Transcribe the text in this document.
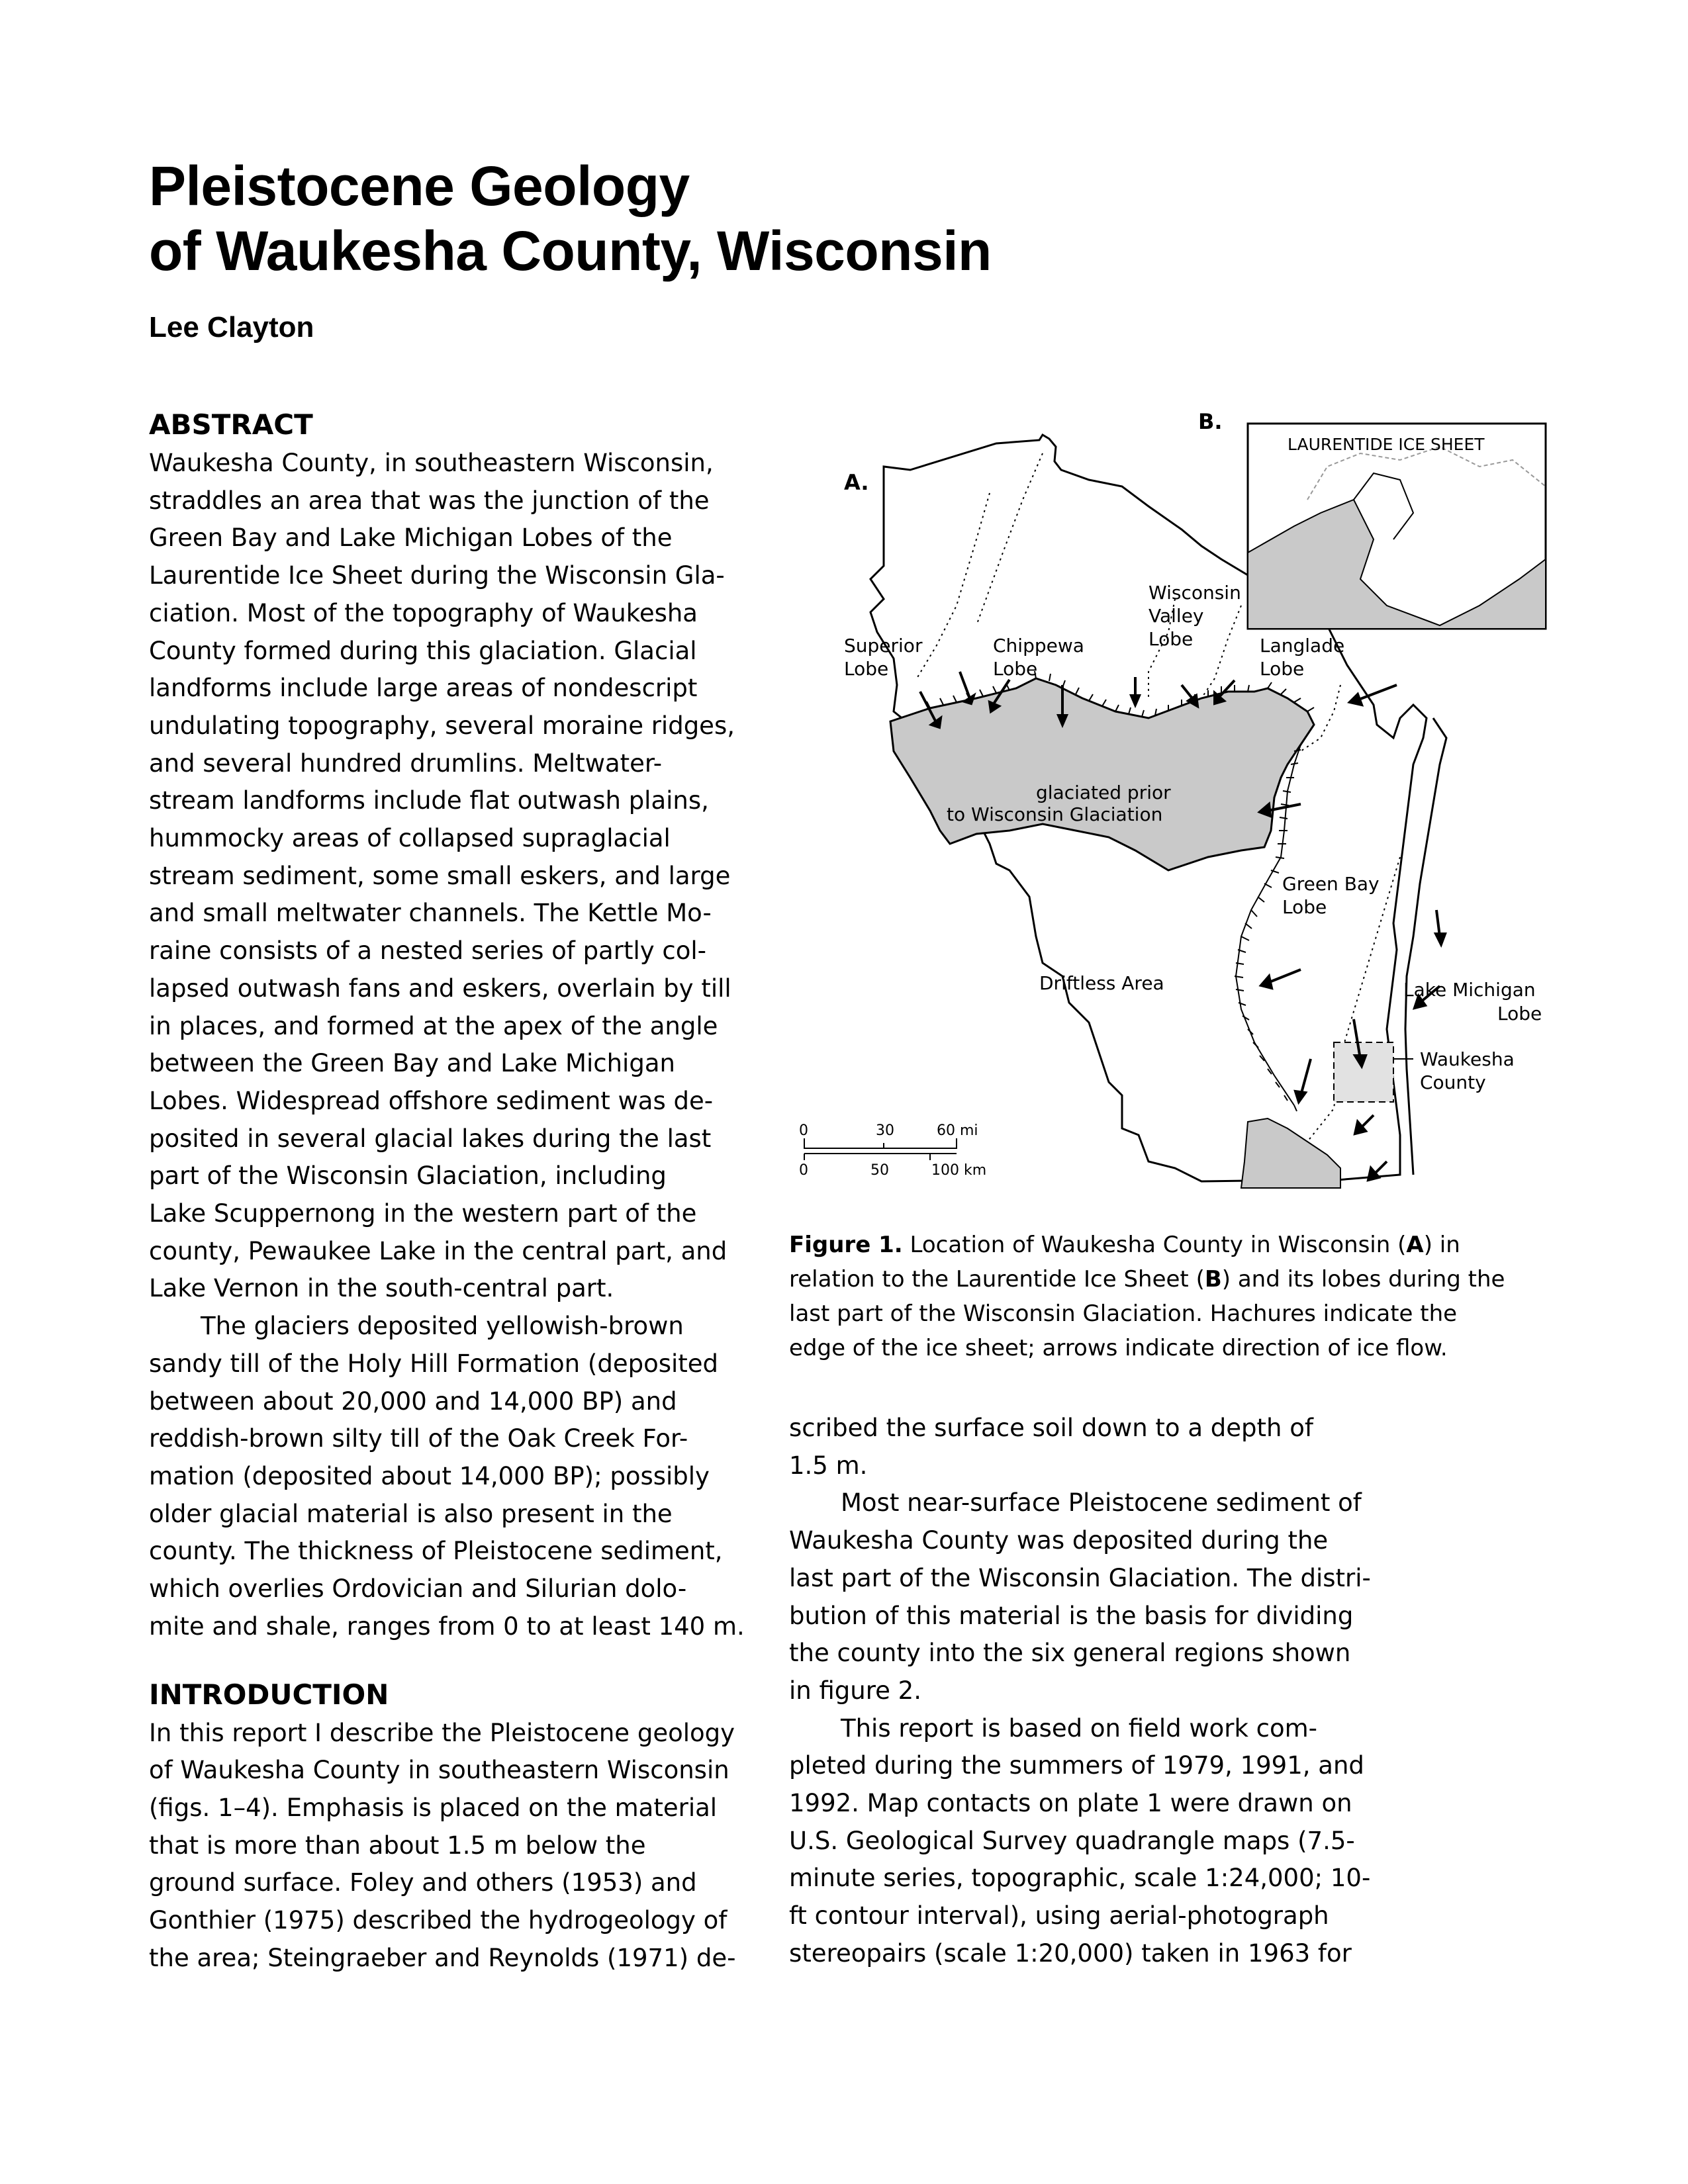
Pleistocene Geology
of Waukesha County, Wisconsin
Lee Clayton
ABSTRACT
Waukesha County, in southeastern Wisconsin,
straddles an area that was the junction of the
Green Bay and Lake Michigan Lobes of the
Laurentide Ice Sheet during the Wisconsin Gla-
ciation. Most of the topography of Waukesha
County formed during this glaciation. Glacial
landforms include large areas of nondescript
undulating topography, several moraine ridges,
and several hundred drumlins. Meltwater-
stream landforms include flat outwash plains,
hummocky areas of collapsed supraglacial
stream sediment, some small eskers, and large
and small meltwater channels. The Kettle Mo-
raine consists of a nested series of partly col-
lapsed outwash fans and eskers, overlain by till
in places, and formed at the apex of the angle
between the Green Bay and Lake Michigan
Lobes. Widespread offshore sediment was de-
posited in several glacial lakes during the last
part of the Wisconsin Glaciation, including
Lake Scuppernong in the western part of the
county, Pewaukee Lake in the central part, and
Lake Vernon in the south-central part.
The glaciers deposited yellowish-brown
sandy till of the Holy Hill Formation (deposited
between about 20,000 and 14,000 BP) and
reddish-brown silty till of the Oak Creek For-
mation (deposited about 14,000 BP); possibly
older glacial material is also present in the
county. The thickness of Pleistocene sediment,
which overlies Ordovician and Silurian dolo-
mite and shale, ranges from 0 to at least 140 m.
INTRODUCTION
In this report I describe the Pleistocene geology
of Waukesha County in southeastern Wisconsin
(figs. 1–4). Emphasis is placed on the material
that is more than about 1.5 m below the
ground surface. Foley and others (1953) and
Gonthier (1975) described the hydrogeology of
the area; Steingraeber and Reynolds (1971) de-
A.
B.
LAURENTIDE ICE SHEET
Superior
Lobe
Chippewa
Lobe
Wisconsin
Valley
Lobe	Langlade
Lobe
glaciated prior
to Wisconsin Glaciation
Green Bay
Lobe
Driftless Area	Lake Michigan
Lobe
Waukesha
County
0	30	60 mi
0	50	100 km
Figure 1. Location of Waukesha County in Wisconsin (A) in
relation to the Laurentide Ice Sheet (B) and its lobes during the
last part of the Wisconsin Glaciation. Hachures indicate the
edge of the ice sheet; arrows indicate direction of ice flow.
scribed the surface soil down to a depth of
1.5 m.
Most near-surface Pleistocene sediment of
Waukesha County was deposited during the
last part of the Wisconsin Glaciation. The distri-
bution of this material is the basis for dividing
the county into the six general regions shown
in figure 2.
This report is based on field work com-
pleted during the summers of 1979, 1991, and
1992. Map contacts on plate 1 were drawn on
U.S. Geological Survey quadrangle maps (7.5-
minute series, topographic, scale 1:24,000; 10-
ft contour interval), using aerial-photograph
stereopairs (scale 1:20,000) taken in 1963 for
